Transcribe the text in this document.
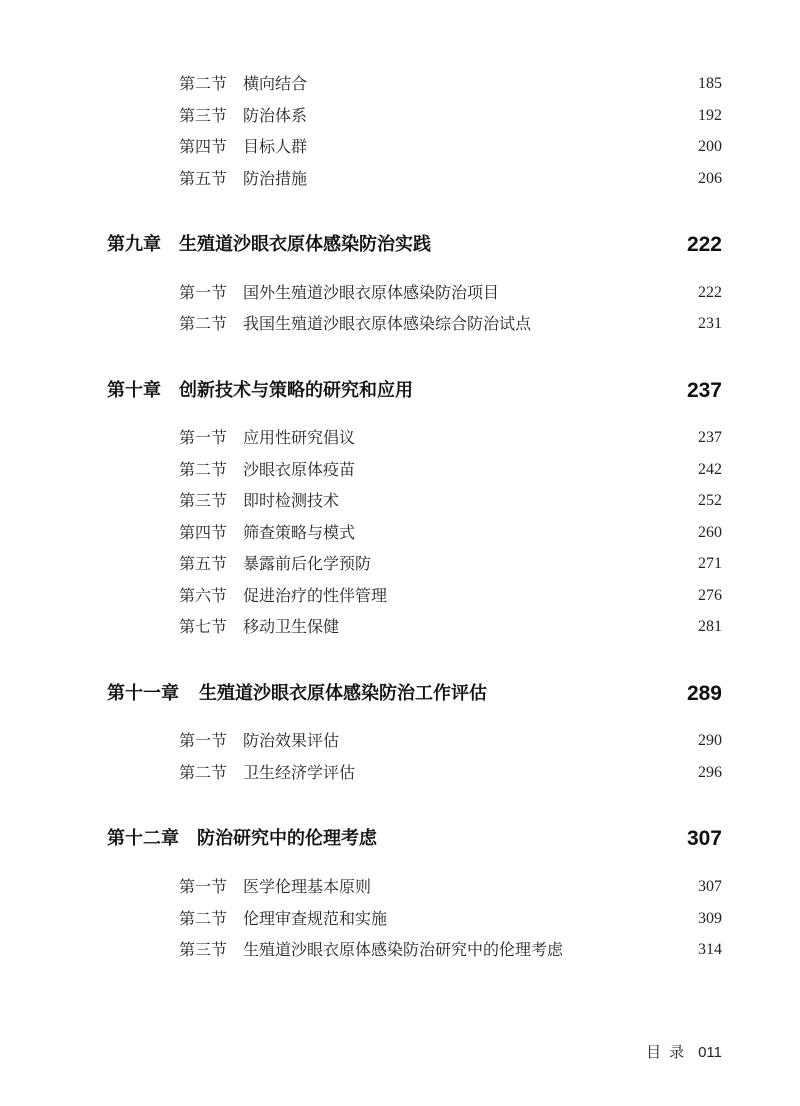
第二节 横向结合	185
第三节 防治体系	192
第四节 目标人群	200
第五节 防治措施	206
第九章 生殖道沙眼衣原体感染防治实践	222
第一节 国外生殖道沙眼衣原体感染防治项目	222
第二节 我国生殖道沙眼衣原体感染综合防治试点	231
第十章 创新技术与策略的研究和应用	237
第一节 应用性研究倡议	237
第二节 沙眼衣原体疫苗	242
第三节 即时检测技术	252
第四节 筛查策略与模式	260
第五节 暴露前后化学预防	271
第六节 促进治疗的性伴管理	276
第七节 移动卫生保健	281
第十一章 生殖道沙眼衣原体感染防治工作评估	289
第一节 防治效果评估	290
第二节 卫生经济学评估	296
第十二章 防治研究中的伦理考虑	307
第一节 医学伦理基本原则	307
第二节 伦理审查规范和实施	309
第三节 生殖道沙眼衣原体感染防治研究中的伦理考虑	314
目录 011
